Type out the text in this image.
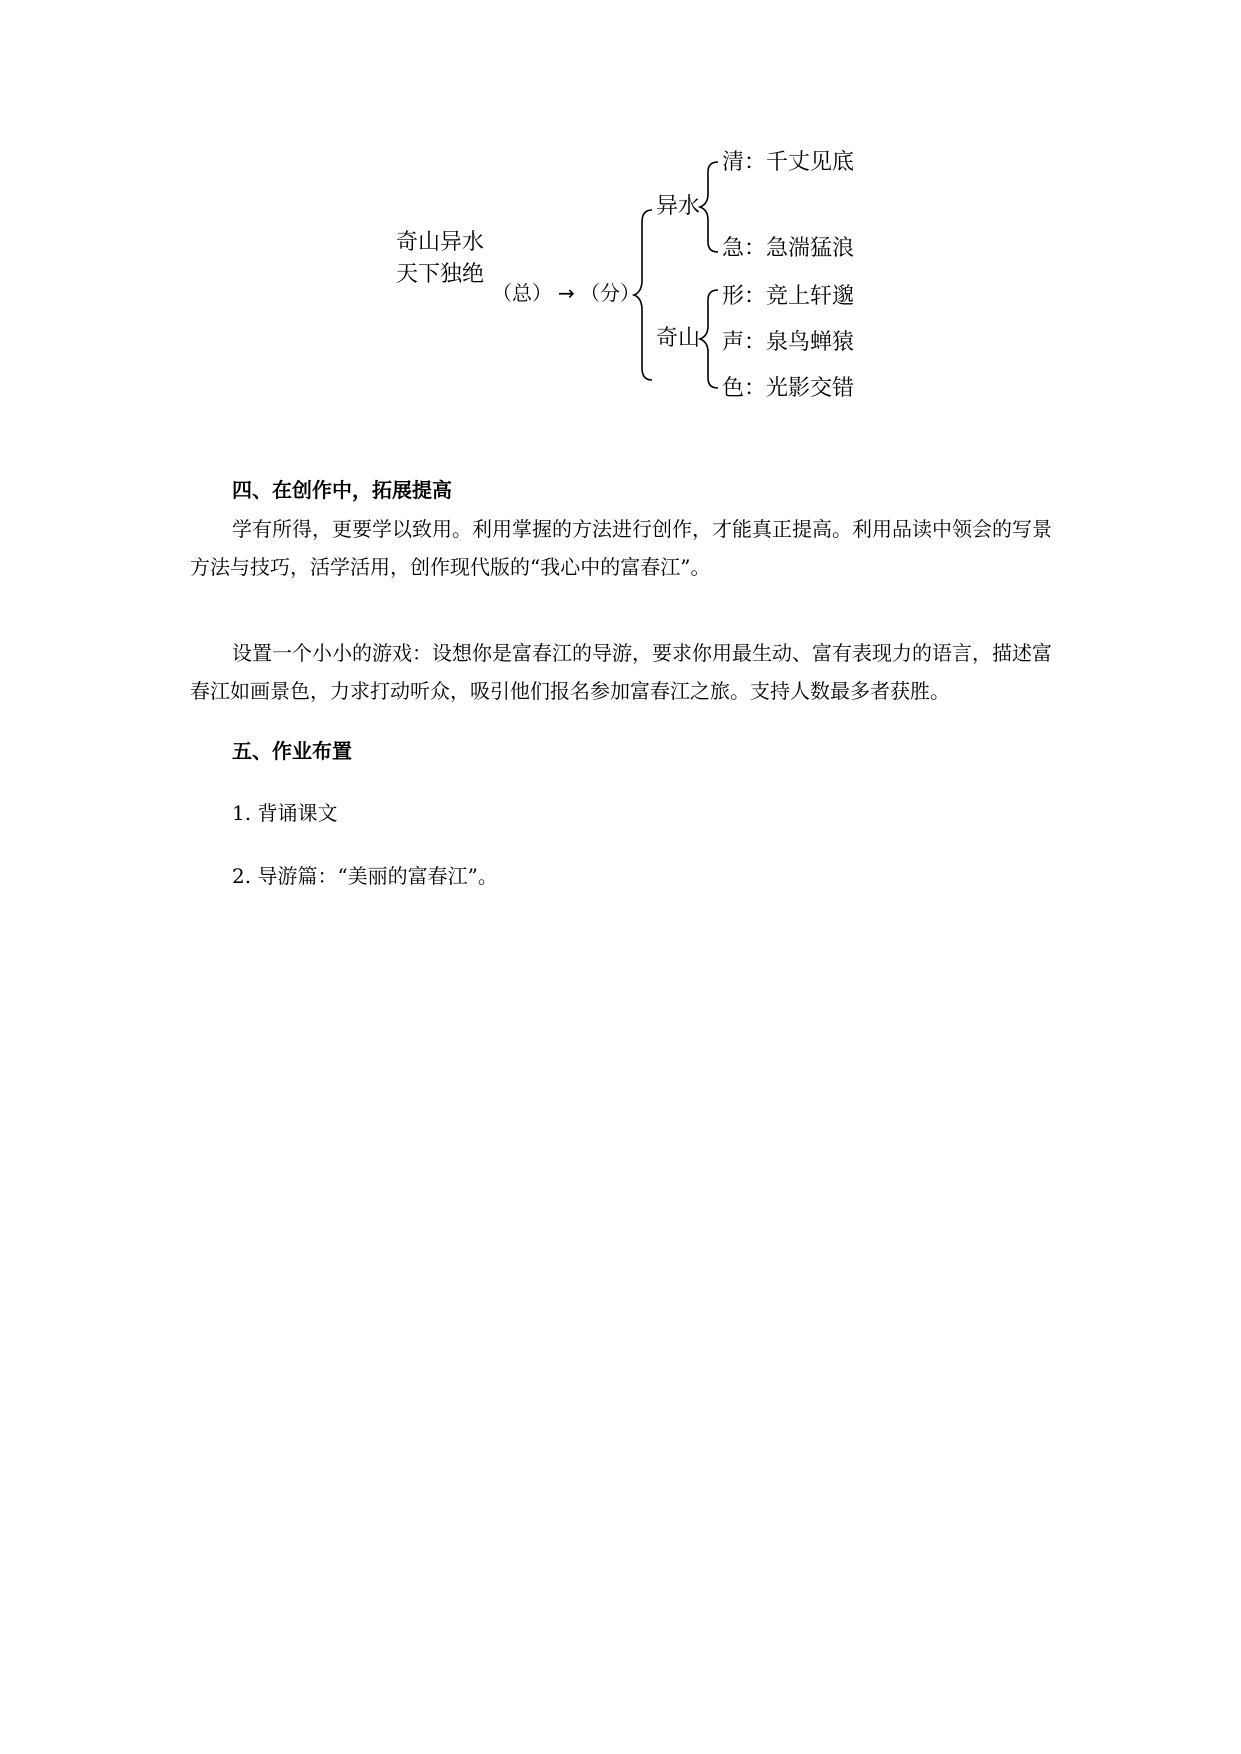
奇山异水
天下独绝
（总） → （分）
异水
奇山
清：千丈见底
急：急湍猛浪
形：竞上轩邈
声：泉鸟蝉猿
色：光影交错
四、在创作中，拓展提高

学有所得，更要学以致用。利用掌握的方法进行创作，才能真正提高。利用品读中领会的写景方法与技巧，活学活用，创作现代版的“我心中的富春江”。

设置一个小小的游戏：设想你是富春江的导游，要求你用最生动、富有表现力的语言，描述富春江如画景色，力求打动听众，吸引他们报名参加富春江之旅。支持人数最多者获胜。

五、作业布置
1. 背诵课文
2. 导游篇：“美丽的富春江”。
